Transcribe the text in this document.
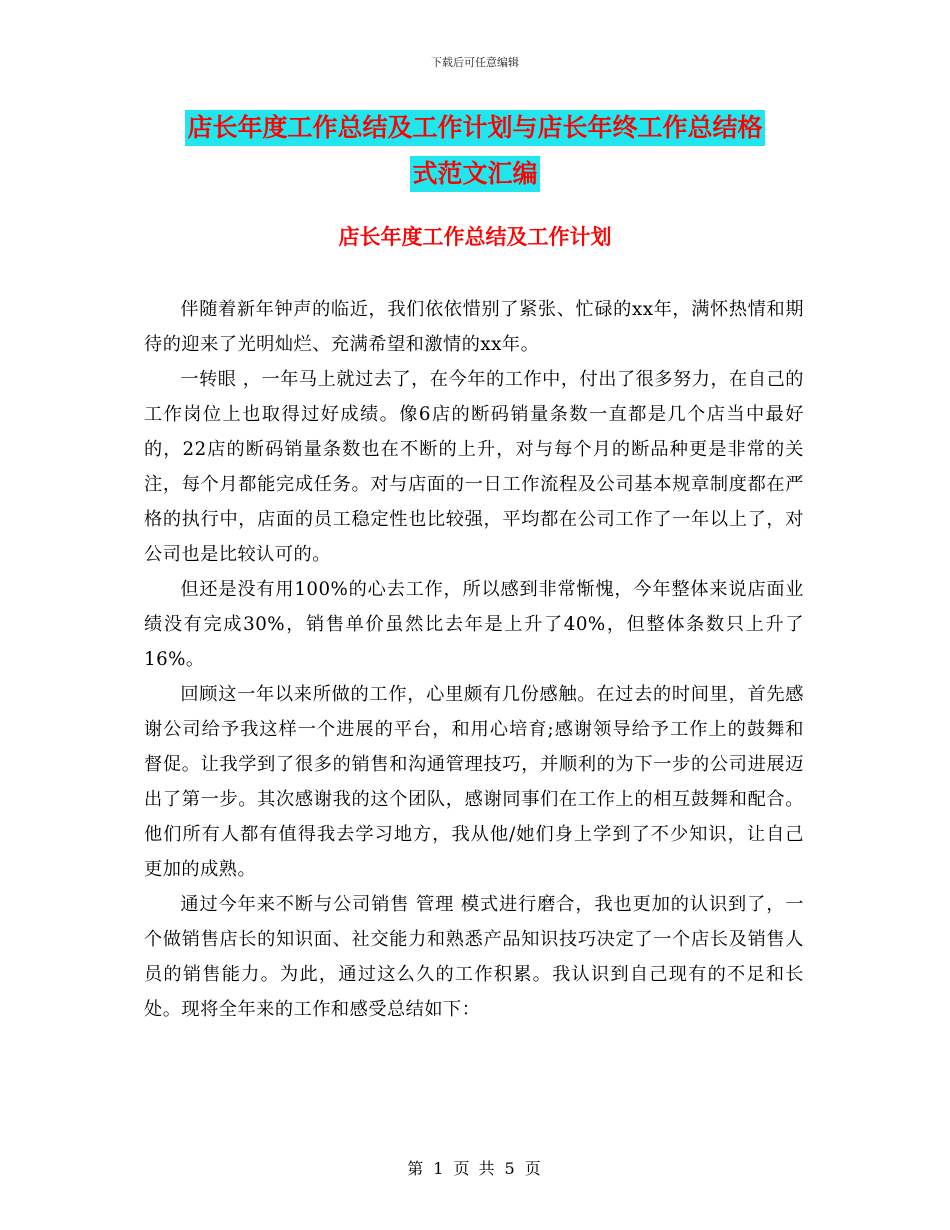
下载后可任意编辑
店长年度工作总结及工作计划与店长年终工作总结格
式范文汇编
店长年度工作总结及工作计划

伴随着新年钟声的临近，我们依依惜别了紧张、忙碌的xx年，满怀热情和期待的迎来了光明灿烂、充满希望和激情的xx年。

一转眼 ，一年马上就过去了，在今年的工作中，付出了很多努力，在自己的工作岗位上也取得过好成绩。像6店的断码销量条数一直都是几个店当中最好的，22店的断码销量条数也在不断的上升，对与每个月的断品种更是非常的关注，每个月都能完成任务。对与店面的一日工作流程及公司基本规章制度都在严格的执行中，店面的员工稳定性也比较强，平均都在公司工作了一年以上了，对公司也是比较认可的。

但还是没有用100%的心去工作，所以感到非常惭愧，今年整体来说店面业绩没有完成30%，销售单价虽然比去年是上升了40%，但整体条数只上升了16%。

回顾这一年以来所做的工作，心里颇有几份感触。在过去的时间里，首先感谢公司给予我这样一个进展的平台，和用心培育;感谢领导给予工作上的鼓舞和督促。让我学到了很多的销售和沟通管理技巧，并顺利的为下一步的公司进展迈出了第一步。其次感谢我的这个团队，感谢同事们在工作上的相互鼓舞和配合。他们所有人都有值得我去学习地方，我从他/她们身上学到了不少知识，让自己更加的成熟。

通过今年来不断与公司销售 管理 模式进行磨合，我也更加的认识到了，一个做销售店长的知识面、社交能力和熟悉产品知识技巧决定了一个店长及销售人员的销售能力。为此，通过这么久的工作积累。我认识到自己现有的不足和长处。现将全年来的工作和感受总结如下：

第 1 页 共 5 页
